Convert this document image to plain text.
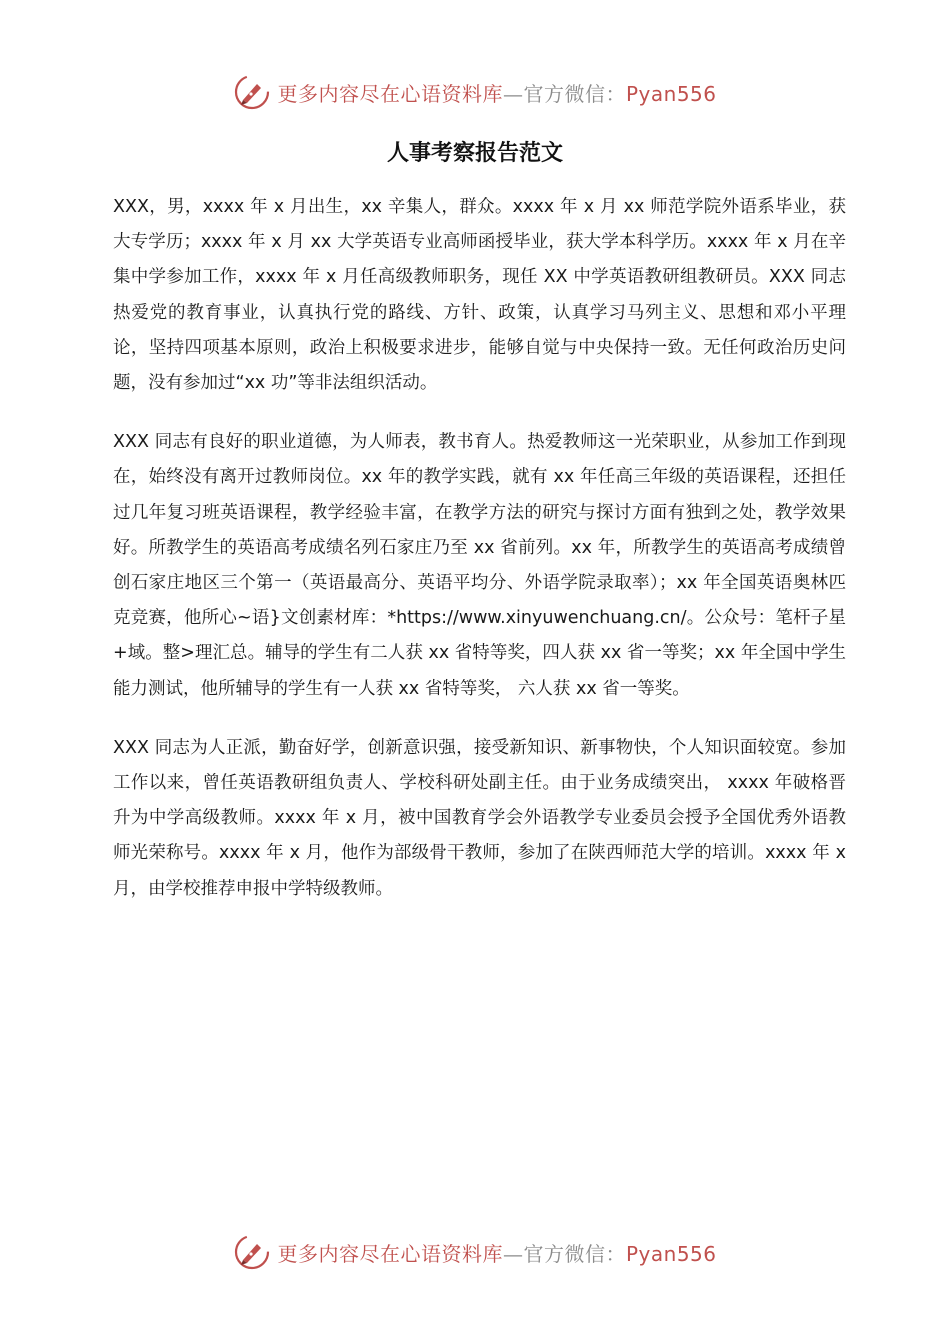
更多内容尽在心语资料库—官方微信：Pyan556
人事考察报告范文

XXX，男，xxxx 年 x 月出生，xx 辛集人，群众。xxxx 年 x 月 xx 师范学院外语系毕业，获大专学历；xxxx 年 x 月 xx 大学英语专业高师函授毕业，获大学本科学历。xxxx 年 x 月在辛集中学参加工作，xxxx 年 x 月任高级教师职务，现任 XX 中学英语教研组教研员。XXX 同志热爱党的教育事业，认真执行党的路线、方针、政策，认真学习马列主义、思想和邓小平理论，坚持四项基本原则，政治上积极要求进步，能够自觉与中央保持一致。无任何政治历史问题，没有参加过“xx 功”等非法组织活动。

XXX 同志有良好的职业道德，为人师表，教书育人。热爱教师这一光荣职业，从参加工作到现在，始终没有离开过教师岗位。xx 年的教学实践，就有 xx 年任高三年级的英语课程，还担任过几年复习班英语课程，教学经验丰富，在教学方法的研究与探讨方面有独到之处，教学效果好。所教学生的英语高考成绩名列石家庄乃至 xx 省前列。xx 年，所教学生的英语高考成绩曾创石家庄地区三个第一（英语最高分、英语平均分、外语学院录取率）；xx 年全国英语奥林匹克竞赛，他所心~语}文创素材库：*https://www.xinyuwenchuang.cn/。公众号：笔杆子星+域。整>理汇总。辅导的学生有二人获 xx 省特等奖，四人获 xx 省一等奖；xx 年全国中学生能力测试，他所辅导的学生有一人获 xx 省特等奖， 六人获 xx 省一等奖。

XXX 同志为人正派，勤奋好学，创新意识强，接受新知识、新事物快，个人知识面较宽。参加工作以来，曾任英语教研组负责人、学校科研处副主任。由于业务成绩突出， xxxx 年破格晋升为中学高级教师。xxxx 年 x 月，被中国教育学会外语教学专业委员会授予全国优秀外语教师光荣称号。xxxx 年 x 月，他作为部级骨干教师，参加了在陕西师范大学的培训。xxxx 年 x 月，由学校推荐申报中学特级教师。

更多内容尽在心语资料库—官方微信：Pyan556
